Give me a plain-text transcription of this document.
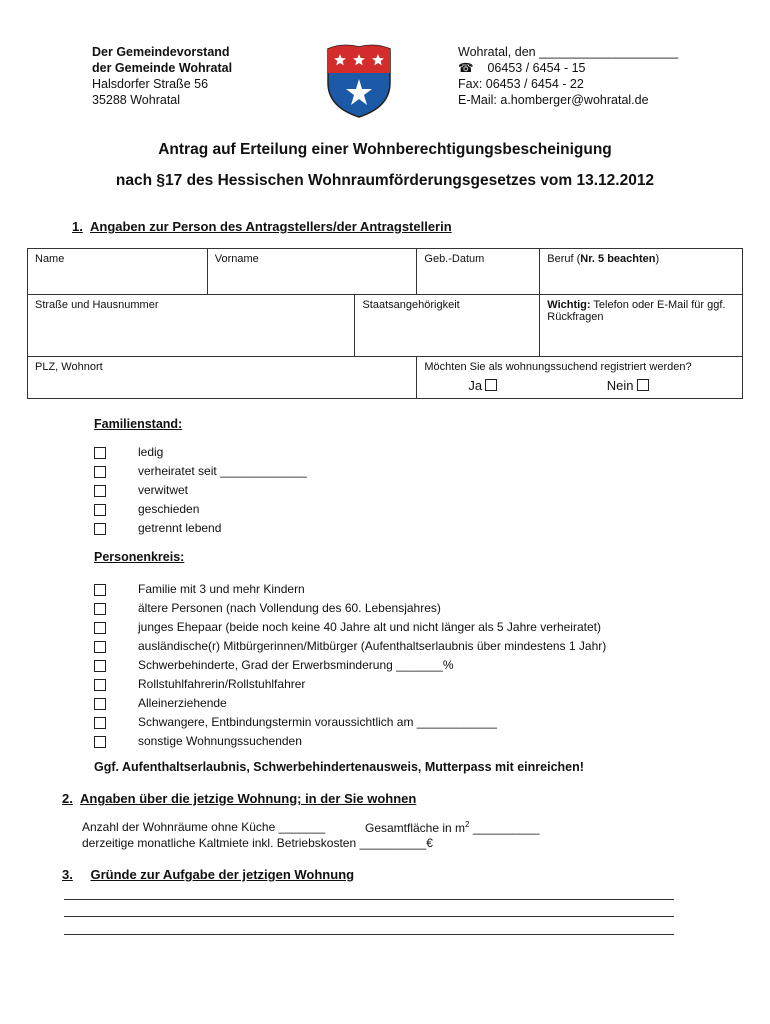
Der Gemeindevorstand
der Gemeinde Wohratal
Halsdorfer Straße 56
35288 Wohratal
Wohratal, den ____________________
☎ 06453 / 6454 - 15
Fax: 06453 / 6454 - 22
E-Mail: a.homberger@wohratal.de
Antrag auf Erteilung einer Wohnberechtigungsbescheinigung
nach §17 des Hessischen Wohnraumförderungsgesetzes vom 13.12.2012
1. Angaben zur Person des Antragstellers/der Antragstellerin
Name	Vorname		Geb.-Datum	Beruf (Nr. 5 beachten)
Straße und Hausnummer		Staatsangehörigkeit		Wichtig: Telefon oder E-Mail für ggf. Rückfragen
PLZ, Wohnort			Möchten Sie als wohnungssuchend registriert werden?
Ja Nein	
Familienstand:
ledig
verheiratet seit _____________
verwitwet
geschieden
getrennt lebend
Personenkreis:
Familie mit 3 und mehr Kindern
ältere Personen (nach Vollendung des 60. Lebensjahres)
junges Ehepaar (beide noch keine 40 Jahre alt und nicht länger als 5 Jahre verheiratet)
ausländische(r) Mitbürgerinnen/Mitbürger (Aufenthaltserlaubnis über mindestens 1 Jahr)
Schwerbehinderte, Grad der Erwerbsminderung _______%
Rollstuhlfahrerin/Rollstuhlfahrer
Alleinerziehende
Schwangere, Entbindungstermin voraussichtlich am ____________
sonstige Wohnungssuchenden
Ggf. Aufenthaltserlaubnis, Schwerbehindertenausweis, Mutterpass mit einreichen!
2. Angaben über die jetzige Wohnung; in der Sie wohnen
Anzahl der Wohnräume ohne Küche _______	Gesamtfläche in $m^2$ __________
derzeitige monatliche Kaltmiete inkl. Betriebskosten __________€
3. Gründe zur Aufgabe der jetzigen Wohnung
